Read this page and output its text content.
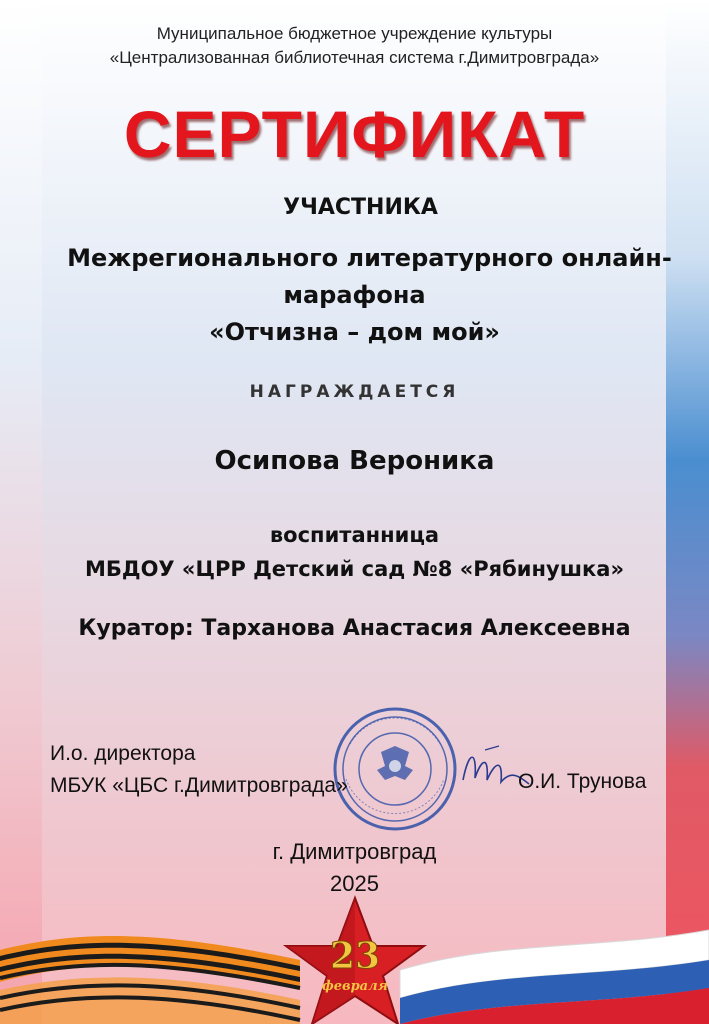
Муниципальное бюджетное учреждение культуры
«Централизованная библиотечная система г.Димитровграда»
СЕРТИФИКАТ
УЧАСТНИКА
Межрегионального литературного онлайн-
марафона
«Отчизна – дом мой»
НАГРАЖДАЕТСЯ
Осипова Вероника
воспитанница
МБДОУ «ЦРР Детский сад №8 «Рябинушка»
Куратор: Тарханова Анастасия Алексеевна
И.о. директора
МБУК «ЦБС г.Димитровграда»	О.И. Трунова
г. Димитровград
2025
23
февраля
